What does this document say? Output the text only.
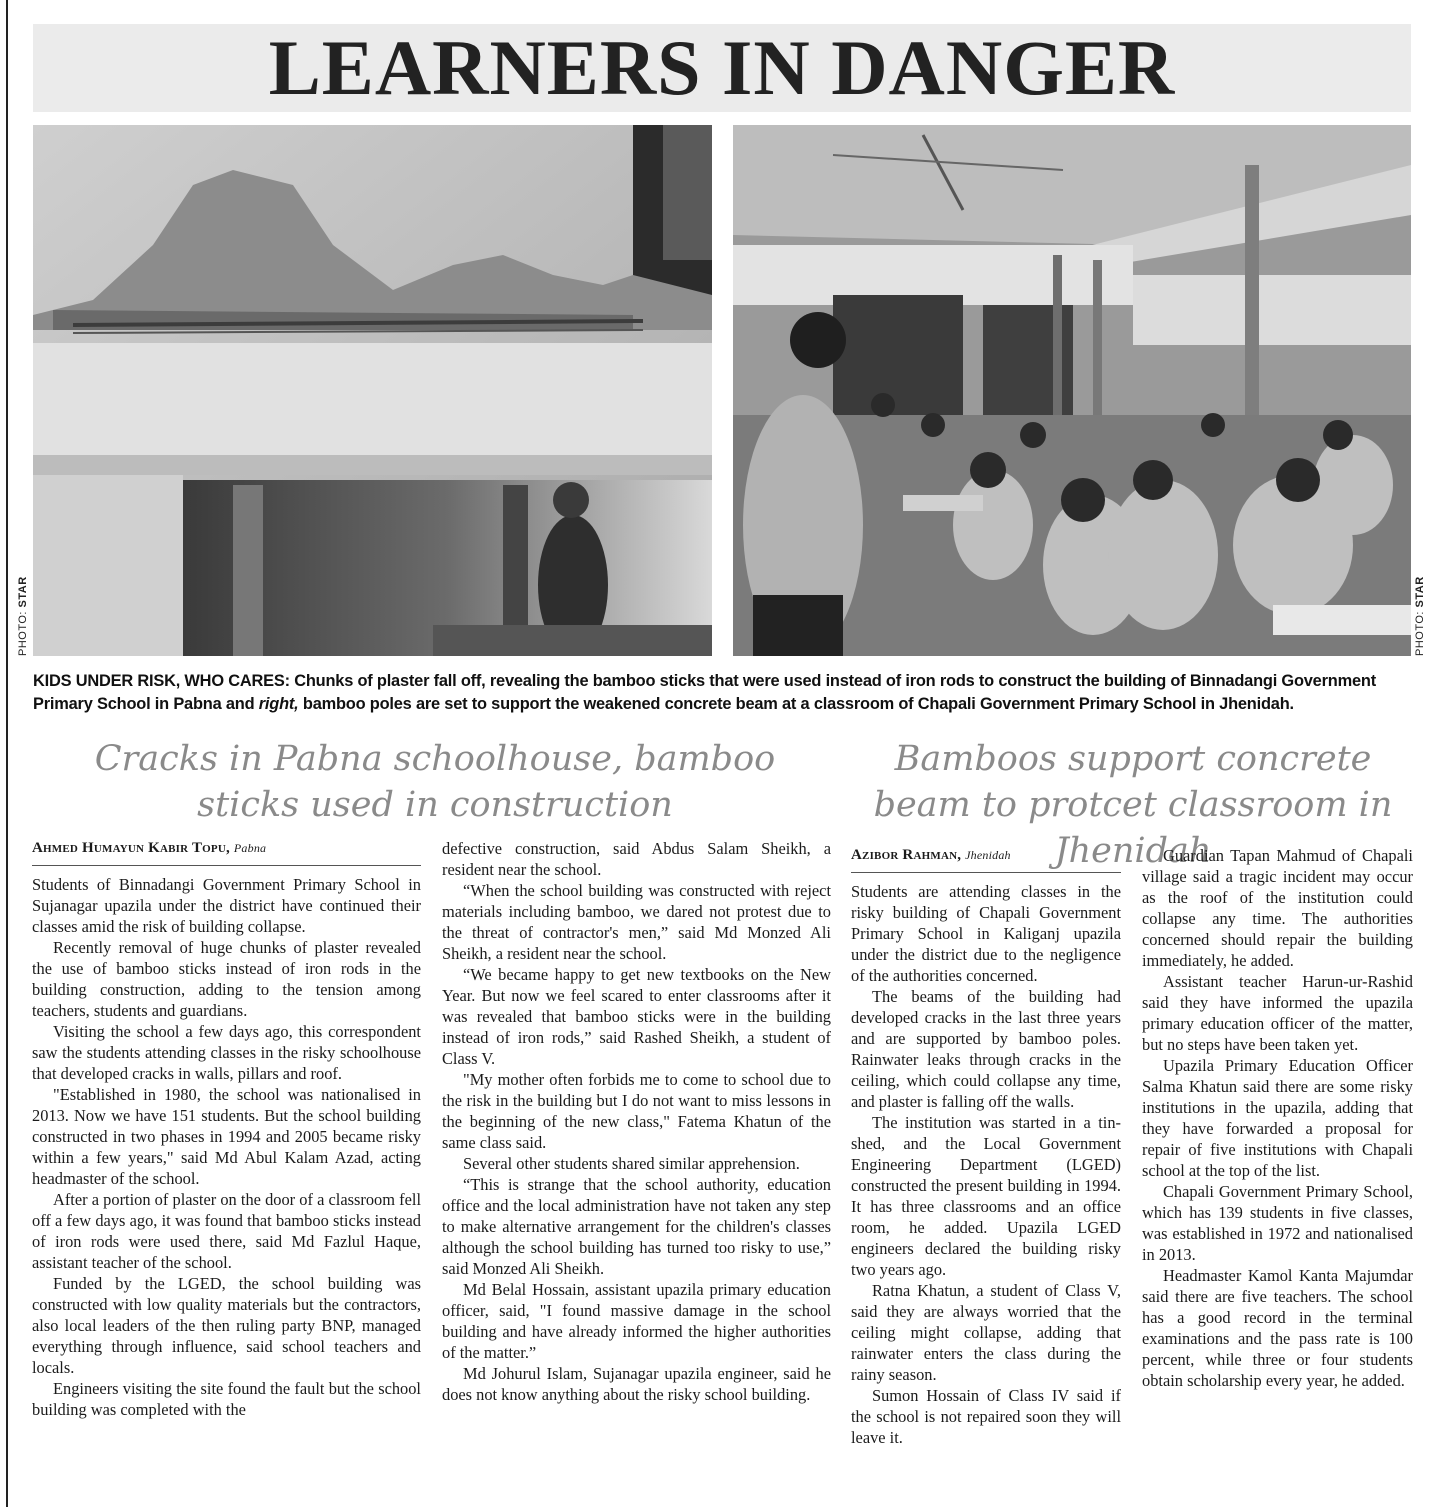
LEARNERS IN DANGER
PHOTO: STAR
PHOTO: STAR
KIDS UNDER RISK, WHO CARES: Chunks of plaster fall off, revealing the bamboo sticks that were used instead of iron rods to construct the building of Binnadangi Government Primary School in Pabna and right, bamboo poles are set to support the weakened concrete beam at a classroom of Chapali Government Primary School in Jhenidah.
Cracks in Pabna schoolhouse, bamboo sticks used in construction
Bamboos support concrete beam to protcet classroom in Jhenidah
Ahmed Humayun Kabir Topu, Pabna

Students of Binnadangi Government Primary School in Sujanagar upazila under the district have continued their classes amid the risk of building collapse.

Recently removal of huge chunks of plaster revealed the use of bamboo sticks instead of iron rods in the building construction, adding to the tension among teachers, students and guardians.

Visiting the school a few days ago, this correspondent saw the students attending classes in the risky schoolhouse that developed cracks in walls, pillars and roof.

"Established in 1980, the school was nationalised in 2013. Now we have 151 students. But the school building constructed in two phases in 1994 and 2005 became risky within a few years," said Md Abul Kalam Azad, acting headmaster of the school.

After a portion of plaster on the door of a classroom fell off a few days ago, it was found that bamboo sticks instead of iron rods were used there, said Md Fazlul Haque, assistant teacher of the school.

Funded by the LGED, the school building was constructed with low quality materials but the contractors, also local leaders of the then ruling party BNP, managed everything through influence, said school teachers and locals.

Engineers visiting the site found the fault but the school building was completed with the

defective construction, said Abdus Salam Sheikh, a resident near the school.

“When the school building was constructed with reject materials including bamboo, we dared not protest due to the threat of contractor's men,” said Md Monzed Ali Sheikh, a resident near the school.

“We became happy to get new textbooks on the New Year. But now we feel scared to enter classrooms after it was revealed that bamboo sticks were in the building instead of iron rods,” said Rashed Sheikh, a student of Class V.

"My mother often forbids me to come to school due to the risk in the building but I do not want to miss lessons in the beginning of the new class," Fatema Khatun of the same class said.

Several other students shared similar apprehension.

“This is strange that the school authority, education office and the local administration have not taken any step to make alternative arrangement for the children's classes although the school building has turned too risky to use,” said Monzed Ali Sheikh.

Md Belal Hossain, assistant upazila primary education officer, said, "I found massive damage in the school building and have already informed the higher authorities of the matter.”

Md Johurul Islam, Sujanagar upazila engineer, said he does not know anything about the risky school building.

Azibor Rahman, Jhenidah

Students are attending classes in the risky building of Chapali Government Primary School in Kaliganj upazila under the district due to the negligence of the authorities concerned.

The beams of the building had developed cracks in the last three years and are supported by bamboo poles. Rainwater leaks through cracks in the ceiling, which could collapse any time, and plaster is falling off the walls.

The institution was started in a tin-shed, and the Local Government Engineering Department (LGED) constructed the present building in 1994. It has three classrooms and an office room, he added. Upazila LGED engineers declared the building risky two years ago.

Ratna Khatun, a student of Class V, said they are always worried that the ceiling might collapse, adding that rainwater enters the class during the rainy season.

Sumon Hossain of Class IV said if the school is not repaired soon they will leave it.

Guardian Tapan Mahmud of Chapali village said a tragic incident may occur as the roof of the institution could collapse any time. The authorities concerned should repair the building immediately, he added.

Assistant teacher Harun-ur-Rashid said they have informed the upazila primary education officer of the matter, but no steps have been taken yet.

Upazila Primary Education Officer Salma Khatun said there are some risky institutions in the upazila, adding that they have forwarded a proposal for repair of five institutions with Chapali school at the top of the list.

Chapali Government Primary School, which has 139 students in five classes, was established in 1972 and nationalised in 2013.

Headmaster Kamol Kanta Majumdar said there are five teachers. The school has a good record in the terminal examinations and the pass rate is 100 percent, while three or four students obtain scholarship every year, he added.
